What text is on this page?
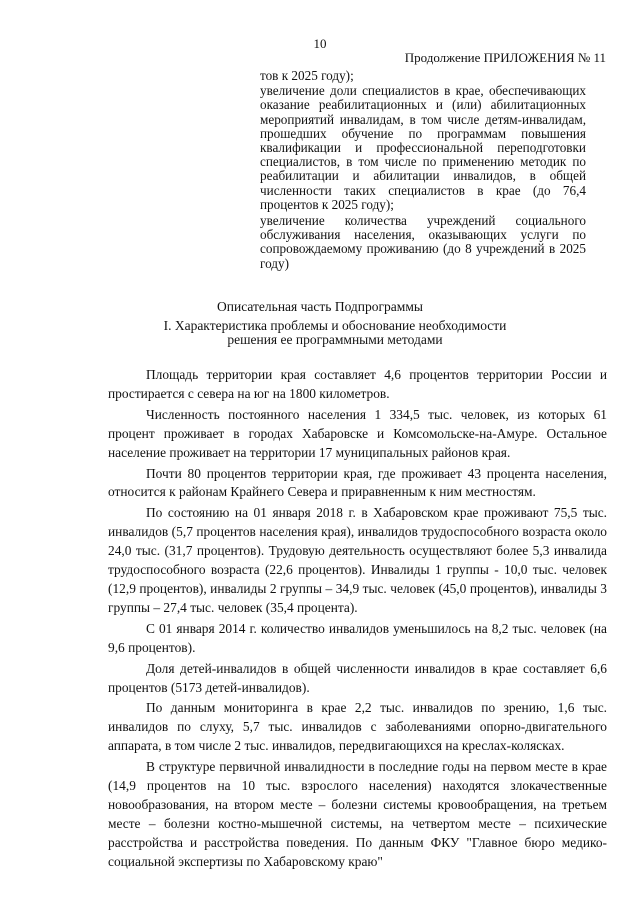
10
Продолжение ПРИЛОЖЕНИЯ № 11

тов к 2025 году);

увеличение доли специалистов в крае, обеспечивающих оказание реабилитационных и (или) абилитационных мероприятий инвалидам, в том числе детям-инвалидам, прошедших обучение по программам повышения квалификации и профессиональной переподготовки специалистов, в том числе по применению методик по реабилитации и абилитации инвалидов, в общей численности таких специалистов в крае (до 76,4 процентов к 2025 году);

увеличение количества учреждений социального обслуживания населения, оказывающих услуги по сопровождаемому проживанию (до 8 учреждений в 2025 году)

Описательная часть Подпрограммы
I. Характеристика проблемы и обоснование необходимости решения ее программными методами

Площадь территории края составляет 4,6 процентов территории России и простирается с севера на юг на 1800 километров.

Численность постоянного населения 1 334,5 тыс. человек, из которых 61 процент проживает в городах Хабаровске и Комсомольске-на-Амуре. Остальное население проживает на территории 17 муниципальных районов края.

Почти 80 процентов территории края, где проживает 43 процента населения, относится к районам Крайнего Севера и приравненным к ним местностям.

По состоянию на 01 января 2018 г. в Хабаровском крае проживают 75,5 тыс. инвалидов (5,7 процентов населения края), инвалидов трудоспособного возраста около 24,0 тыс. (31,7 процентов). Трудовую деятельность осуществляют более 5,3 инвалида трудоспособного возраста (22,6 процентов). Инвалиды 1 группы - 10,0 тыс. человек (12,9 процентов), инвалиды 2 группы – 34,9 тыс. человек (45,0 процентов), инвалиды 3 группы – 27,4 тыс. человек (35,4 процента).

С 01 января 2014 г. количество инвалидов уменьшилось на 8,2 тыс. человек (на 9,6 процентов).

Доля детей-инвалидов в общей численности инвалидов в крае составляет 6,6 процентов (5173 детей-инвалидов).

По данным мониторинга в крае 2,2 тыс. инвалидов по зрению, 1,6 тыс. инвалидов по слуху, 5,7 тыс. инвалидов с заболеваниями опорно-двигательного аппарата, в том числе 2 тыс. инвалидов, передвигающихся на креслах-колясках.

В структуре первичной инвалидности в последние годы на первом месте в крае (14,9 процентов на 10 тыс. взрослого населения) находятся злокачественные новообразования, на втором месте – болезни системы кровообращения, на третьем месте – болезни костно-мышечной системы, на четвертом месте – психические расстройства и расстройства поведения. По данным ФКУ "Главное бюро медико-социальной экспертизы по Хабаровскому краю"
